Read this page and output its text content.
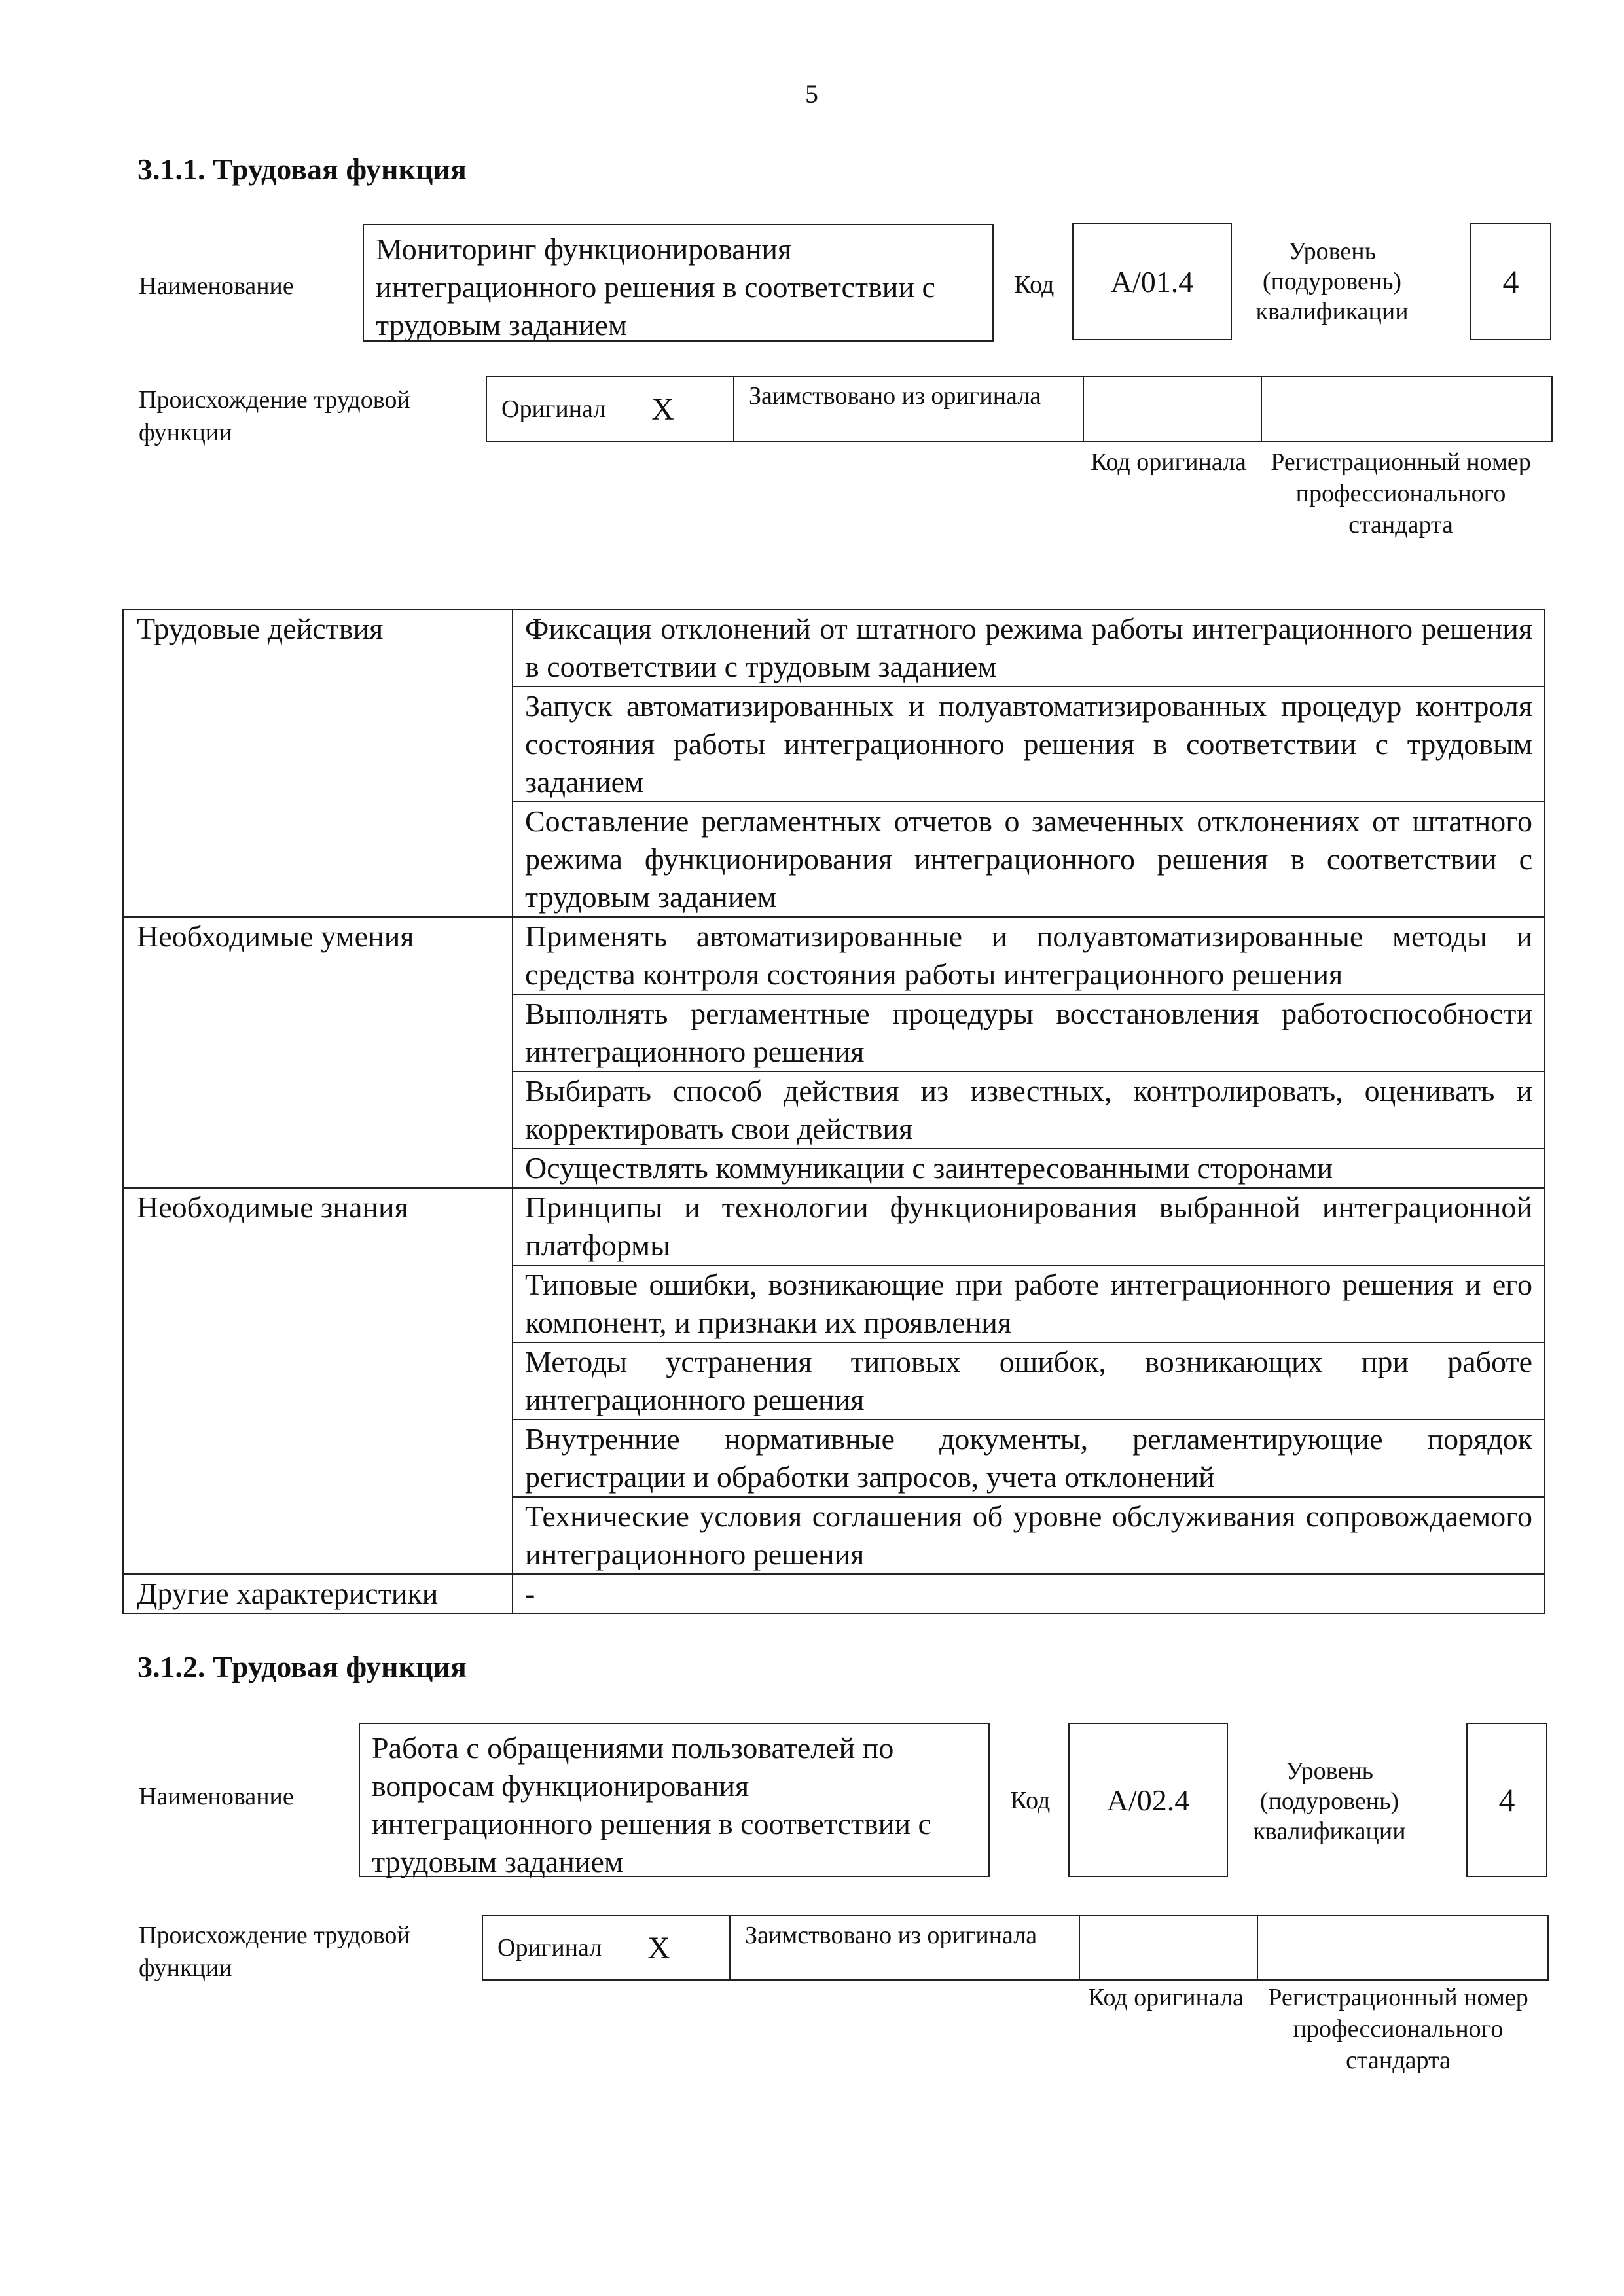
5
3.1.1. Трудовая функция
Наименование
Мониторинг функционирования интеграционного решения в соответствии с трудовым заданием
Код	A/01.4
Уровень (подуровень) квалификации
4
Происхождение трудовой функции
Оригинал X	Заимствовано из оригинала
Код оригинала Регистрационный номер профессионального стандарта
Трудовые действия	Фиксация отклонений от штатного режима работы интеграционного решения в соответствии с трудовым заданием
	Запуск автоматизированных и полуавтоматизированных процедур контроля состояния работы интеграционного решения в соответствии с трудовым заданием
	Составление регламентных отчетов о замеченных отклонениях от штатного режима функционирования интеграционного решения в соответствии с трудовым заданием
Необходимые умения	Применять автоматизированные и полуавтоматизированные методы и средства контроля состояния работы интеграционного решения
	Выполнять регламентные процедуры восстановления работоспособности интеграционного решения
	Выбирать способ действия из известных, контролировать, оценивать и корректировать свои действия
	Осуществлять коммуникации с заинтересованными сторонами
Необходимые знания	Принципы и технологии функционирования выбранной интеграционной платформы
	Типовые ошибки, возникающие при работе интеграционного решения и его компонент, и признаки их проявления
	Методы устранения типовых ошибок, возникающих при работе интеграционного решения
	Внутренние нормативные документы, регламентирующие порядок регистрации и обработки запросов, учета отклонений
	Технические условия соглашения об уровне обслуживания сопровождаемого интеграционного решения
Другие характеристики	-
3.1.2. Трудовая функция
Наименование
Работа с обращениями пользователей по вопросам функционирования интеграционного решения в соответствии с трудовым заданием
Код	A/02.4
Уровень (подуровень) квалификации
4
Происхождение трудовой функции
Оригинал X	Заимствовано из оригинала
Код оригинала Регистрационный номер профессионального стандарта
